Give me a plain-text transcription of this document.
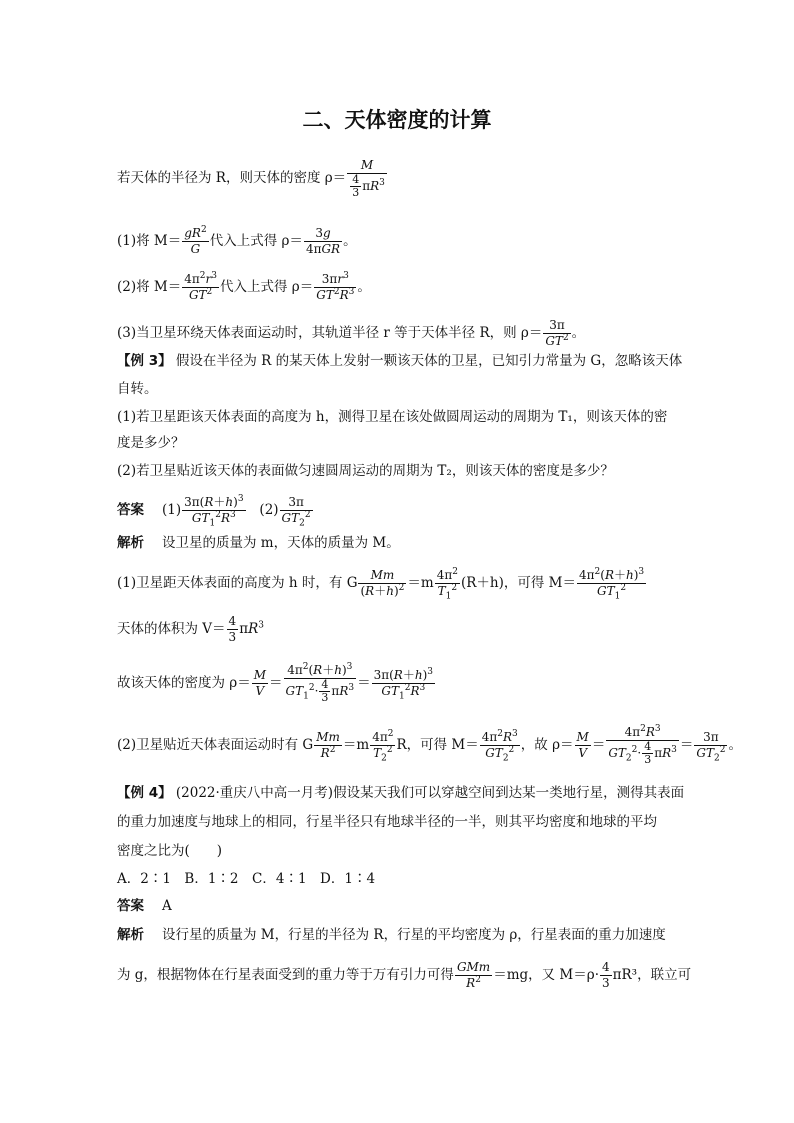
二、天体密度的计算
若天体的半径为 R，则天体的密度 $\rho= \frac{M}{\frac{4}{3} \pi R^3}$
(1)将 $M= \frac{gR^2}{G}$ 代入上式得 $\rho= \frac{3g}{\text{4πGR}}$ 。
(2)将 $M= \frac{4\pi^2r^3}{GT^2}$ 代入上式得 $\rho= \frac{3\pi r^3}{GT^2R^3}$ 。
(3)当卫星环绕天体表面运动时，其轨道半径 r 等于天体半径 R，则 $\rho= \frac{3\pi}{GT^2}$ 。
【例 3】 假设在半径为 R 的某天体上发射一颗该天体的卫星，已知引力常量为 G，忽略该天体
自转。
(1)若卫星距该天体表面的高度为 h，测得卫星在该处做圆周运动的周期为 T₁，则该天体的密
度是多少？
(2)若卫星贴近该天体的表面做匀速圆周运动的周期为 T₂，则该天体的密度是多少？
答案 $(1) \frac{3\pi(R+h)^3}{GT_1^2R^3} (2) \frac{3\pi}{GT_2^2}$
解析 设卫星的质量为 m，天体的质量为 M。
(1)卫星距天体表面的高度为 h 时，有 G $\frac{Mm}{(R+h)^2} =m \frac{4\pi^2}{T_1^2} (R+h)$，可得 $M= \frac{4\pi^2(R+h)^3}{GT_1^2}$
天体的体积为 $V= \frac{4}{3} \pi R^3$
故该天体的密度为 $\rho= \frac{M}{V} = \frac{4\pi^2(R+h)^3}{GT_1^2\cdot \frac{4}{3} \pi R^3} = \frac{3\pi(R+h)^3}{GT_1^2R^3}$
(2)卫星贴近天体表面运动时有 G $\frac{Mm}{R^2} =m \frac{4\pi^2}{T_2^2}$ R，可得 $M= \frac{4\pi^2R^3}{GT_2^2}$ ，故 $\rho= \frac{M}{V} = \frac{4\pi^2R^3}{GT_2^2\cdot \frac{4}{3} \pi R^3} = \frac{3\pi}{GT_2^2}$ 。
【例 4】 (2022·重庆八中高一月考)假设某天我们可以穿越空间到达某一类地行星，测得其表面
的重力加速度与地球上的相同，行星半径只有地球半径的一半，则其平均密度和地球的平均
密度之比为(　　)
A．2∶1　B．1∶2　C．4∶1　D．1∶4
答案 A
解析 设行星的质量为 M，行星的半径为 R，行星的平均密度为 ρ，行星表面的重力加速度
为 g，根据物体在行星表面受到的重力等于万有引力可得 $\frac{\text{GMm}}{R^2} =mg$，又 $M=\rho\cdot \frac{4}{3} \pi R^3$，联立可
